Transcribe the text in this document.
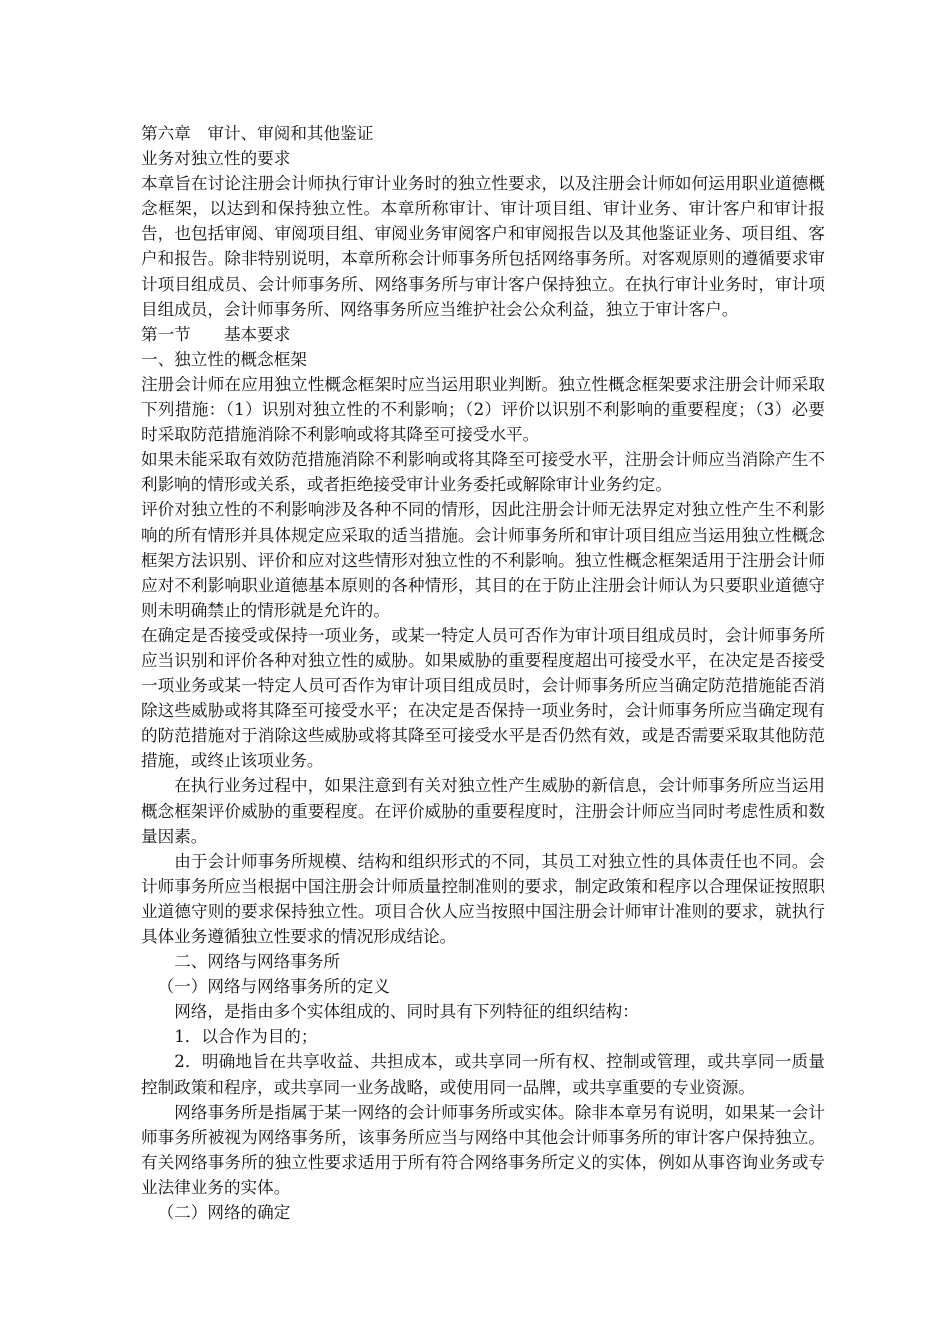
第六章　审计、审阅和其他鉴证

业务对独立性的要求

本章旨在讨论注册会计师执行审计业务时的独立性要求，以及注册会计师如何运用职业道德概念框架，以达到和保持独立性。本章所称审计、审计项目组、审计业务、审计客户和审计报告，也包括审阅、审阅项目组、审阅业务审阅客户和审阅报告以及其他鉴证业务、项目组、客户和报告。除非特别说明，本章所称会计师事务所包括网络事务所。对客观原则的遵循要求审计项目组成员、会计师事务所、网络事务所与审计客户保持独立。在执行审计业务时，审计项目组成员，会计师事务所、网络事务所应当维护社会公众利益，独立于审计客户。

第一节　　基本要求

一、独立性的概念框架

注册会计师在应用独立性概念框架时应当运用职业判断。独立性概念框架要求注册会计师采取下列措施：（1）识别对独立性的不利影响；（2）评价以识别不利影响的重要程度；（3）必要时采取防范措施消除不利影响或将其降至可接受水平。

如果未能采取有效防范措施消除不利影响或将其降至可接受水平，注册会计师应当消除产生不利影响的情形或关系，或者拒绝接受审计业务委托或解除审计业务约定。

评价对独立性的不利影响涉及各种不同的情形，因此注册会计师无法界定对独立性产生不利影响的所有情形并具体规定应采取的适当措施。会计师事务所和审计项目组应当运用独立性概念框架方法识别、评价和应对这些情形对独立性的不利影响。独立性概念框架适用于注册会计师应对不利影响职业道德基本原则的各种情形，其目的在于防止注册会计师认为只要职业道德守则未明确禁止的情形就是允许的。

在确定是否接受或保持一项业务，或某一特定人员可否作为审计项目组成员时，会计师事务所应当识别和评价各种对独立性的威胁。如果威胁的重要程度超出可接受水平，在决定是否接受一项业务或某一特定人员可否作为审计项目组成员时，会计师事务所应当确定防范措施能否消除这些威胁或将其降至可接受水平；在决定是否保持一项业务时，会计师事务所应当确定现有的防范措施对于消除这些威胁或将其降至可接受水平是否仍然有效，或是否需要采取其他防范措施，或终止该项业务。

在执行业务过程中，如果注意到有关对独立性产生威胁的新信息，会计师事务所应当运用概念框架评价威胁的重要程度。在评价威胁的重要程度时，注册会计师应当同时考虑性质和数量因素。

由于会计师事务所规模、结构和组织形式的不同，其员工对独立性的具体责任也不同。会计师事务所应当根据中国注册会计师质量控制准则的要求，制定政策和程序以合理保证按照职业道德守则的要求保持独立性。项目合伙人应当按照中国注册会计师审计准则的要求，就执行具体业务遵循独立性要求的情况形成结论。

二、网络与网络事务所

（一）网络与网络事务所的定义

网络，是指由多个实体组成的、同时具有下列特征的组织结构：

1．以合作为目的；

2．明确地旨在共享收益、共担成本，或共享同一所有权、控制或管理，或共享同一质量控制政策和程序，或共享同一业务战略，或使用同一品牌，或共享重要的专业资源。

网络事务所是指属于某一网络的会计师事务所或实体。除非本章另有说明，如果某一会计师事务所被视为网络事务所，该事务所应当与网络中其他会计师事务所的审计客户保持独立。有关网络事务所的独立性要求适用于所有符合网络事务所定义的实体，例如从事咨询业务或专业法律业务的实体。

（二）网络的确定
